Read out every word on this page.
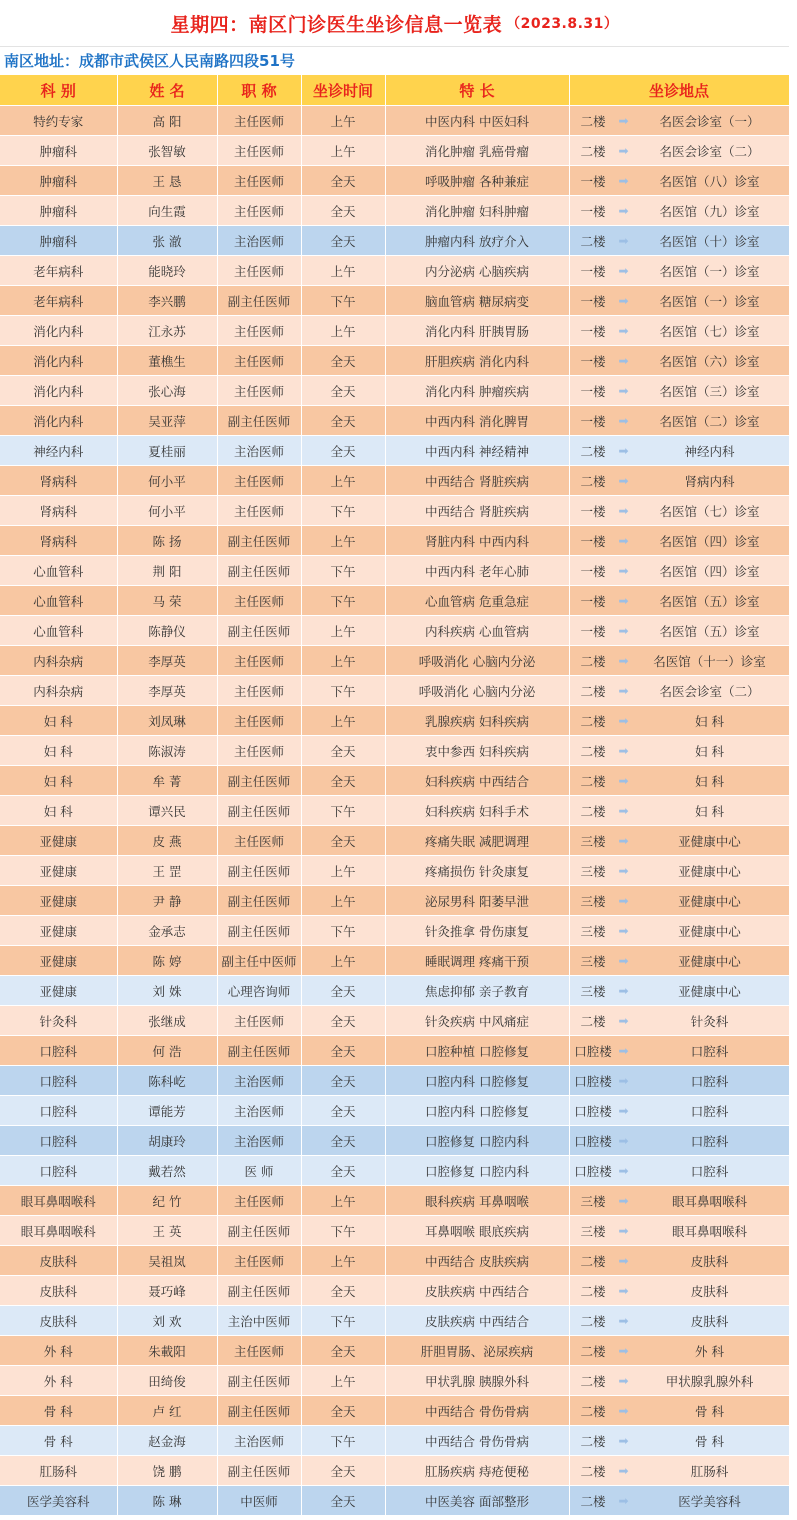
星期四：南区门诊医生坐诊信息一览表 （2023.8.31）
南区地址：成都市武侯区人民南路四段51号
科 别	姓 名	职 称	坐诊时间	特 长	坐诊地点
特约专家	高 阳	主任医师	上午	中医内科 中医妇科	二楼 ➡ 名医会诊室（一）

肿瘤科	张智敏	主任医师	上午	消化肿瘤 乳癌骨瘤	二楼 ➡ 名医会诊室（二）

肿瘤科	王 恳	主任医师	全天	呼吸肿瘤 各种兼症	一楼 ➡ 名医馆（八）诊室

肿瘤科	向生霞	主任医师	全天	消化肿瘤 妇科肿瘤	一楼 ➡ 名医馆（九）诊室

肿瘤科	张 澈	主治医师	全天	肿瘤内科 放疗介入	二楼 ➡ 名医馆（十）诊室

老年病科	能晓玲	主任医师	上午	内分泌病 心脑疾病	一楼 ➡ 名医馆（一）诊室

老年病科	李兴鹏	副主任医师	下午	脑血管病 糖尿病变	一楼 ➡ 名医馆（一）诊室

消化内科	江永苏	主任医师	上午	消化内科 肝胰胃肠	一楼 ➡ 名医馆（七）诊室

消化内科	董樵生	主任医师	全天	肝胆疾病 消化内科	一楼 ➡ 名医馆（六）诊室

消化内科	张心海	主任医师	全天	消化内科 肿瘤疾病	一楼 ➡ 名医馆（三）诊室

消化内科	吴亚萍	副主任医师	全天	中西内科 消化脾胃	一楼 ➡ 名医馆（二）诊室

神经内科	夏桂丽	主治医师	全天	中西内科 神经精神	二楼 ➡ 神经内科

肾病科	何小平	主任医师	上午	中西结合 肾脏疾病	二楼 ➡ 肾病内科

肾病科	何小平	主任医师	下午	中西结合 肾脏疾病	一楼 ➡ 名医馆（七）诊室

肾病科	陈 扬	副主任医师	上午	肾脏内科 中西内科	一楼 ➡ 名医馆（四）诊室

心血管科	荆 阳	副主任医师	下午	中西内科 老年心肺	一楼 ➡ 名医馆（四）诊室

心血管科	马 荣	主任医师	下午	心血管病 危重急症	一楼 ➡ 名医馆（五）诊室

心血管科	陈静仪	副主任医师	上午	内科疾病 心血管病	一楼 ➡ 名医馆（五）诊室

内科杂病	李厚英	主任医师	上午	呼吸消化 心脑内分泌	二楼 ➡ 名医馆（十一）诊室

内科杂病	李厚英	主任医师	下午	呼吸消化 心脑内分泌	二楼 ➡ 名医会诊室（二）

妇 科	刘凤琳	主任医师	上午	乳腺疾病 妇科疾病	二楼 ➡ 妇 科

妇 科	陈淑涛	主任医师	全天	衷中参西 妇科疾病	二楼 ➡ 妇 科

妇 科	牟 菁	副主任医师	全天	妇科疾病 中西结合	二楼 ➡ 妇 科

妇 科	谭兴民	副主任医师	下午	妇科疾病 妇科手术	二楼 ➡ 妇 科

亚健康	皮 燕	主任医师	全天	疼痛失眠 减肥调理	三楼 ➡ 亚健康中心

亚健康	王 罡	副主任医师	上午	疼痛损伤 针灸康复	三楼 ➡ 亚健康中心

亚健康	尹 静	副主任医师	上午	泌尿男科 阳萎早泄	三楼 ➡ 亚健康中心

亚健康	金承志	副主任医师	下午	针灸推拿 骨伤康复	三楼 ➡ 亚健康中心

亚健康	陈 婷	副主任中医师	上午	睡眠调理 疼痛干预	三楼 ➡ 亚健康中心

亚健康	刘 姝	心理咨询师	全天	焦虑抑郁 亲子教育	三楼 ➡ 亚健康中心

针灸科	张继成	主任医师	全天	针灸疾病 中风痛症	二楼 ➡ 针灸科

口腔科	何 浩	副主任医师	全天	口腔种植 口腔修复	口腔楼 ➡ 口腔科

口腔科	陈科屹	主治医师	全天	口腔内科 口腔修复	口腔楼 ➡ 口腔科

口腔科	谭能芳	主治医师	全天	口腔内科 口腔修复	口腔楼 ➡ 口腔科

口腔科	胡康玲	主治医师	全天	口腔修复 口腔内科	口腔楼 ➡ 口腔科

口腔科	戴若然	医 师	全天	口腔修复 口腔内科	口腔楼 ➡ 口腔科

眼耳鼻咽喉科	纪 竹	主任医师	上午	眼科疾病 耳鼻咽喉	三楼 ➡ 眼耳鼻咽喉科

眼耳鼻咽喉科	王 英	副主任医师	下午	耳鼻咽喉 眼底疾病	三楼 ➡ 眼耳鼻咽喉科

皮肤科	吴祖岚	主任医师	上午	中西结合 皮肤疾病	二楼 ➡ 皮肤科

皮肤科	聂巧峰	副主任医师	全天	皮肤疾病 中西结合	二楼 ➡ 皮肤科

皮肤科	刘 欢	主治中医师	下午	皮肤疾病 中西结合	二楼 ➡ 皮肤科

外 科	朱載阳	主任医师	全天	肝胆胃肠、泌尿疾病	二楼 ➡ 外 科

外 科	田绮俊	副主任医师	上午	甲状乳腺 胰腺外科	二楼 ➡ 甲状腺乳腺外科

骨 科	卢 红	副主任医师	全天	中西结合 骨伤骨病	二楼 ➡ 骨 科

骨 科	赵金海	主治医师	下午	中西结合 骨伤骨病	二楼 ➡ 骨 科

肛肠科	饶 鹏	副主任医师	全天	肛肠疾病 痔疮便秘	二楼 ➡ 肛肠科

医学美容科	陈 琳	中医师	全天	中医美容 面部整形	二楼 ➡ 医学美容科
